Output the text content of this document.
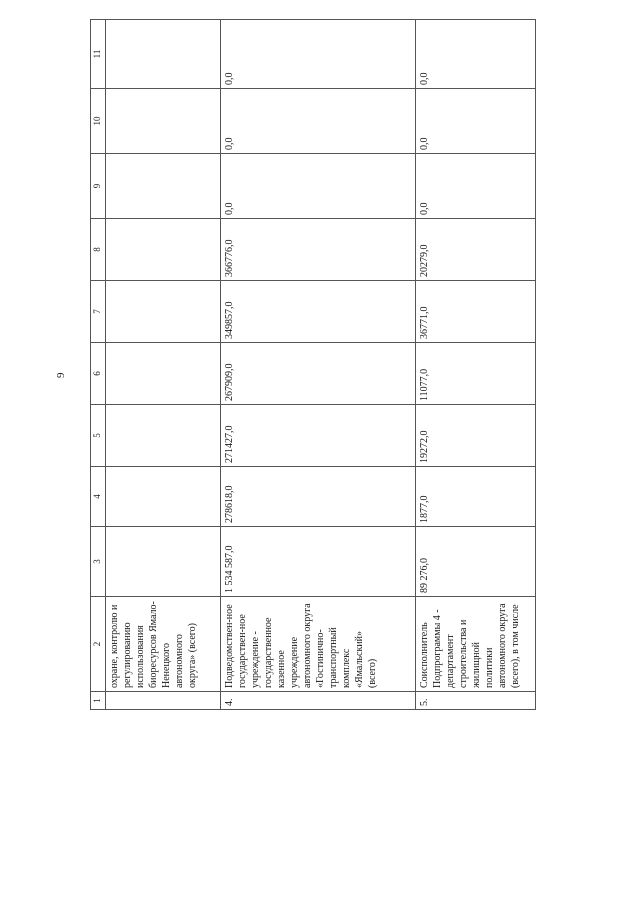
9
1	2	3	4	5	6	7	8	9	10	11
	охране, контролю и регулированию использования биоресурсов Ямало-Ненецкого автономного округа» (всего)									
4.	Подведомствен-ное государствен-ное учреждение - государственное казенное учреждение автономного округа «Гостинично-транспортный комплекс «Ямальский» (всего)	1 534 587,0	278618,0	271427,0	267909,0	349857,0	366776,0	0,0	0,0	0,0
5.	Соисполнитель Подпрограммы 4 - департамент строительства и жилищной политики автономного округа (всего), в том числе	89 276,0	1877,0	19272,0	11077,0	36771,0	20279,0	0,0	0,0	0,0
